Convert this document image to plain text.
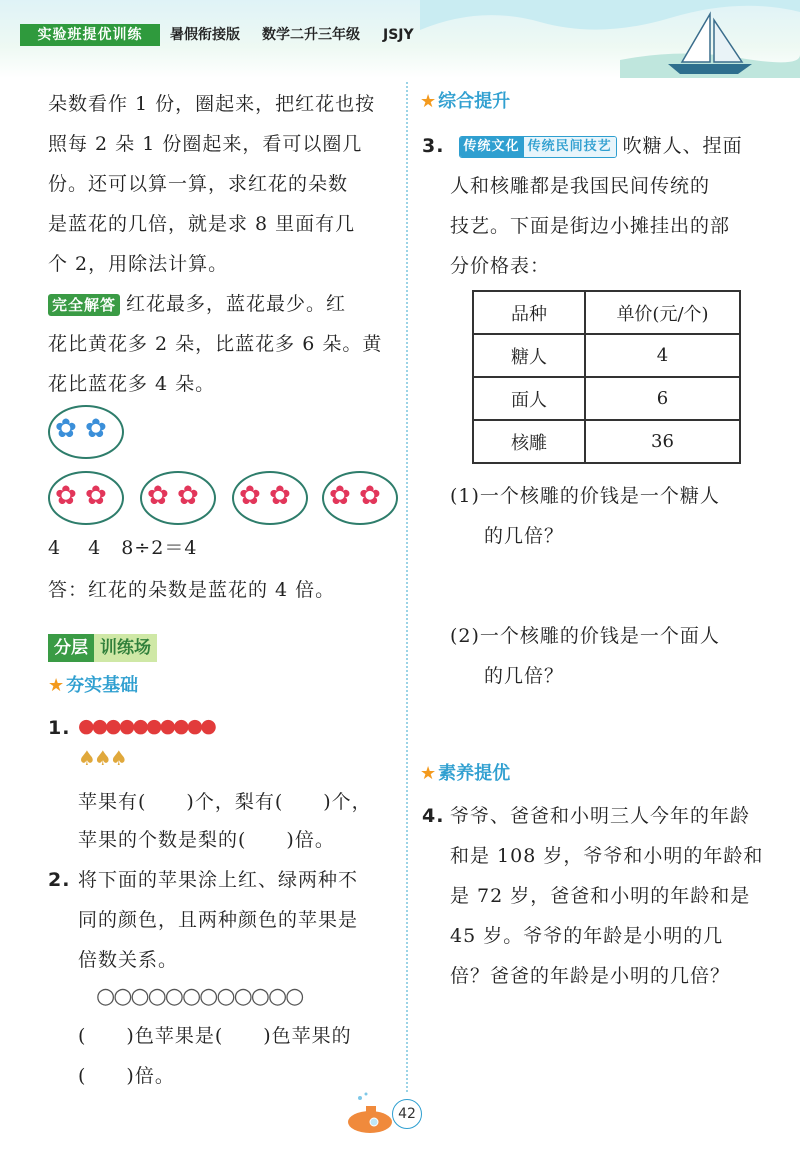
实验班提优训练	暑假衔接版 数学二升三年级 JSJY
朵数看作 1 份，圈起来，把红花也按
照每 2 朵 1 份圈起来，看可以圈几
份。还可以算一算，求红花的朵数
是蓝花的几倍，就是求 8 里面有几
个 2，用除法计算。
完全解答 红花最多，蓝花最少。红
花比黄花多 2 朵，比蓝花多 6 朵。黄
花比蓝花多 4 朵。
✿ ✿
✿ ✿ ✿ ✿ ✿ ✿ ✿ ✿
4　 4　8÷2＝4
答：红花的朵数是蓝花的 4 倍。
分层 训练场
★ 夯实基础
1. ●●●●●●●●●●
♠♠♠
苹果有(　　)个，梨有(　　)个，
苹果的个数是梨的(　　)倍。
2. 将下面的苹果涂上红、绿两种不
同的颜色，且两种颜色的苹果是
倍数关系。
○○○○○○○○○○○○
(　　)色苹果是(　　)色苹果的
(　　)倍。
★ 综合提升
3.	传统文化 传统民间技艺 吹糖人、捏面
人和核雕都是我国民间传统的
技艺。下面是街边小摊挂出的部
分价格表：
品种	单价(元/个)
糖人	4
面人	6
核雕	36
(1)一个核雕的价钱是一个糖人
的几倍？
(2)一个核雕的价钱是一个面人
的几倍？
★ 素养提优
4. 爷爷、爸爸和小明三人今年的年龄
和是 108 岁，爷爷和小明的年龄和
是 72 岁，爸爸和小明的年龄和是
45 岁。爷爷的年龄是小明的几
倍？爸爸的年龄是小明的几倍？
42
